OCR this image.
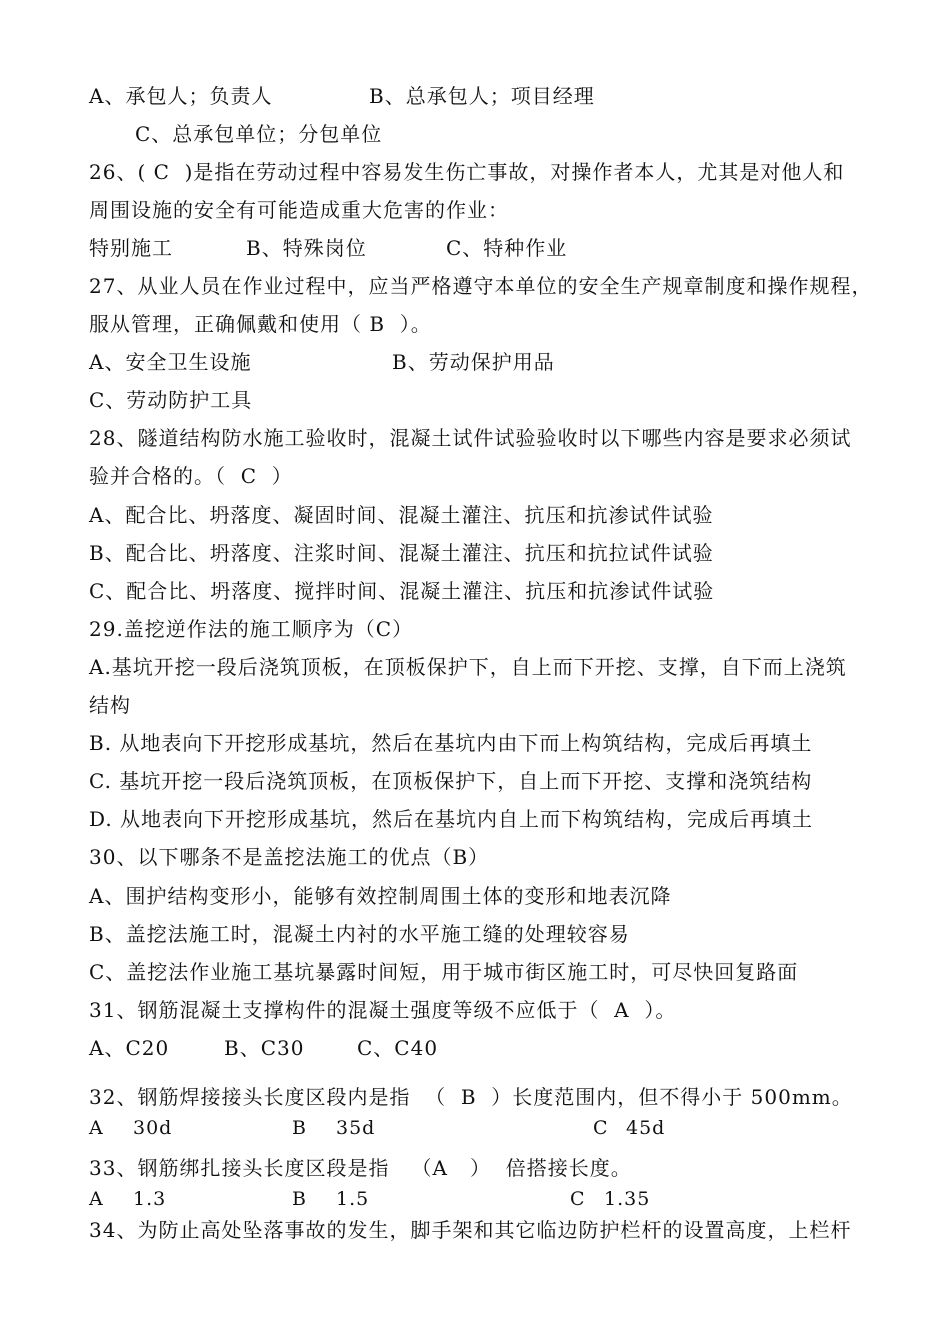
A、承包人；负责人	B、总承包人；项目经理
C、总承包单位；分包单位
26、( C  )是指在劳动过程中容易发生伤亡事故，对操作者本人，尤其是对他人和
周围设施的安全有可能造成重大危害的作业：
特别施工	B、特殊岗位	C、特种作业
27、从业人员在作业过程中，应当严格遵守本单位的安全生产规章制度和操作规程，
服从管理，正确佩戴和使用（ B  ）。
A、安全卫生设施	B、劳动保护用品
C、劳动防护工具
28、隧道结构防水施工验收时，混凝土试件试验验收时以下哪些内容是要求必须试
验并合格的。（  C  ）
A、配合比、坍落度、凝固时间、混凝土灌注、抗压和抗渗试件试验
B、配合比、坍落度、注浆时间、混凝土灌注、抗压和抗拉试件试验
C、配合比、坍落度、搅拌时间、混凝土灌注、抗压和抗渗试件试验
29.盖挖逆作法的施工顺序为（C）
A.基坑开挖一段后浇筑顶板，在顶板保护下，自上而下开挖、支撑，自下而上浇筑
结构
B. 从地表向下开挖形成基坑，然后在基坑内由下而上构筑结构，完成后再填土
C. 基坑开挖一段后浇筑顶板，在顶板保护下，自上而下开挖、支撑和浇筑结构
D. 从地表向下开挖形成基坑，然后在基坑内自上而下构筑结构，完成后再填土
30、以下哪条不是盖挖法施工的优点（B）
A、围护结构变形小，能够有效控制周围土体的变形和地表沉降
B、盖挖法施工时，混凝土内衬的水平施工缝的处理较容易
C、盖挖法作业施工基坑暴露时间短，用于城市街区施工时，可尽快回复路面
31、钢筋混凝土支撑构件的混凝土强度等级不应低于（  A  ）。
A、C20	B、C30	C、C40
32、钢筋焊接接头长度区段内是指  （  B  ）长度范围内，但不得小于 500mm。
A 30d	B 35d	C 45d
33、钢筋绑扎接头长度区段是指   （A   ）  倍搭接长度。
A 1.3	B 1.5	C 1.35
34、为防止高处坠落事故的发生，脚手架和其它临边防护栏杆的设置高度，上栏杆
